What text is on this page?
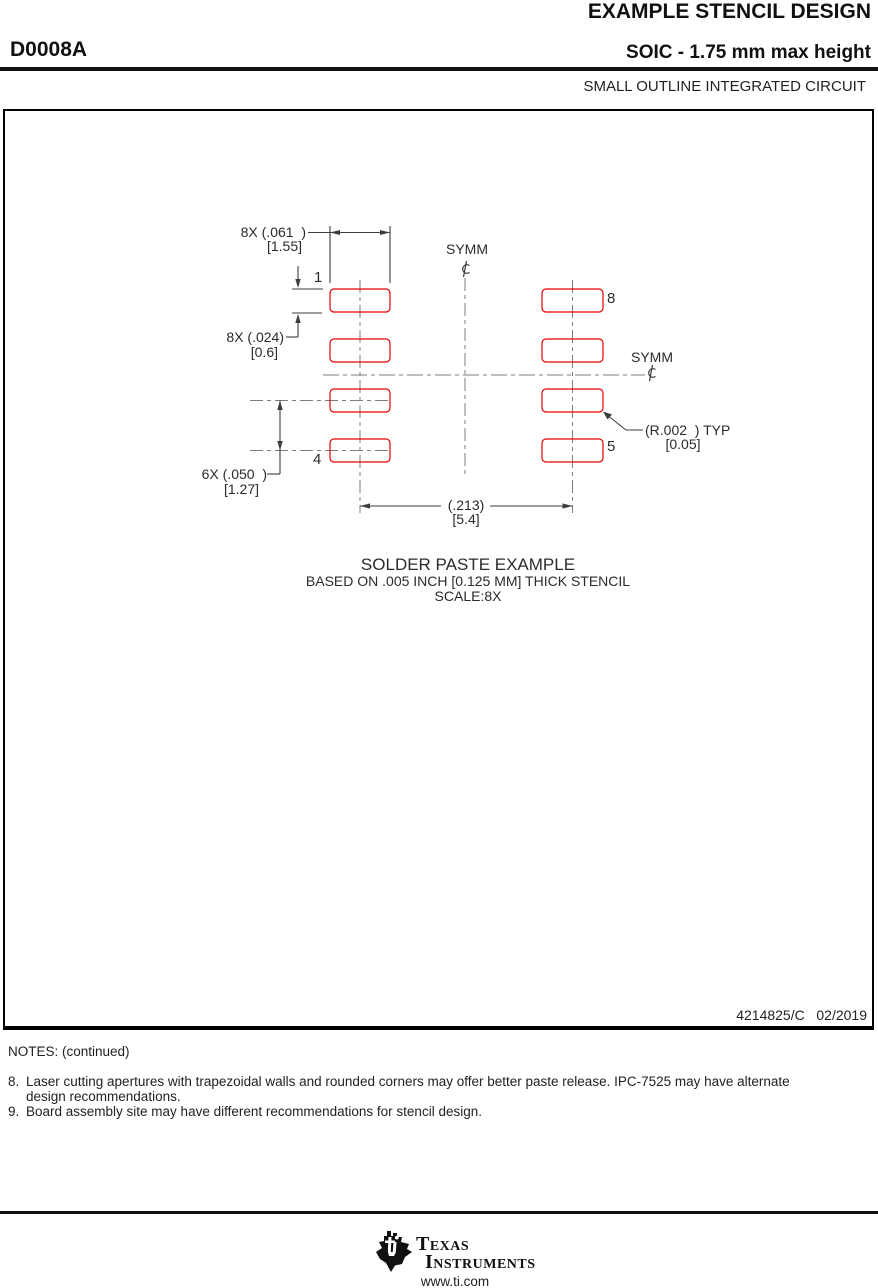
EXAMPLE STENCIL DESIGN
D0008A	SOIC - 1.75 mm max height
SMALL OUTLINE INTEGRATED CIRCUIT
4214825/C   02/2019
8X (.061  )
[1.55]
8X (.024)
[0.6]
6X (.050  )
[1.27]
(.213)
[5.4]
(R.002  ) TYP
[0.05]
SYMM
SYMM
1
4
8
5
SOLDER PASTE EXAMPLE
BASED ON .005 INCH [0.125 MM] THICK STENCIL
SCALE:8X
NOTES: (continued)
8. Laser cutting apertures with trapezoidal walls and rounded corners may offer better paste release. IPC-7525 may have alternate
design recommendations.
9. Board assembly site may have different recommendations for stencil design.
Texas
Instruments
www.ti.com
